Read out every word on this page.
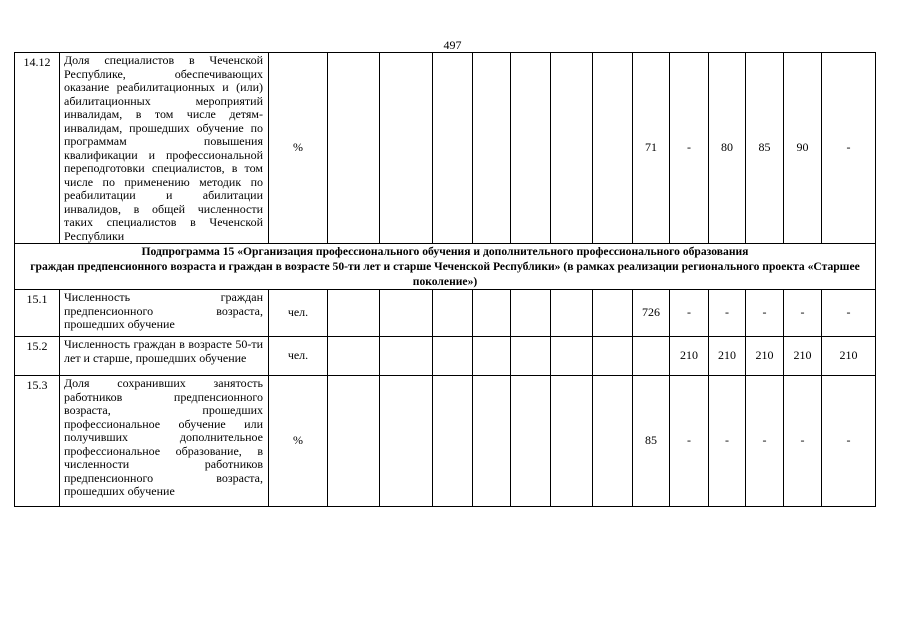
497
14.12	Доля специалистов в Чеченской Республике, обеспечивающих оказание реабилитационных и (или) абилитационных мероприятий инвалидам, в том числе детям-инвалидам, прошедших обучение по программам повышения квалификации и профессиональной переподготовки специалистов, в том числе по применению методик по реабилитации и абилитации инвалидов, в общей численности таких специалистов в Чеченской Республики	%								71	-	80	85	90	-
Подпрограмма 15 «Организация профессионального обучения и дополнительного профессионального образования
граждан предпенсионного возраста и граждан в возрасте 50-ти лет и старше Чеченской Республики» (в рамках реализации регионального проекта «Старшее поколение»)															
15.1	Численность граждан предпенсионного возраста, прошедших обучение	чел.								726	-	-	-	-	-
15.2	Численность граждан в возрасте 50-ти лет и старше, прошедших обучение	чел.									210	210	210	210	210
15.3	Доля сохранивших занятость работников предпенсионного возраста, прошедших профессиональное обучение или получивших дополнительное профессиональное образование, в численности работников предпенсионного возраста, прошедших обучение	%								85	-	-	-	-	-
